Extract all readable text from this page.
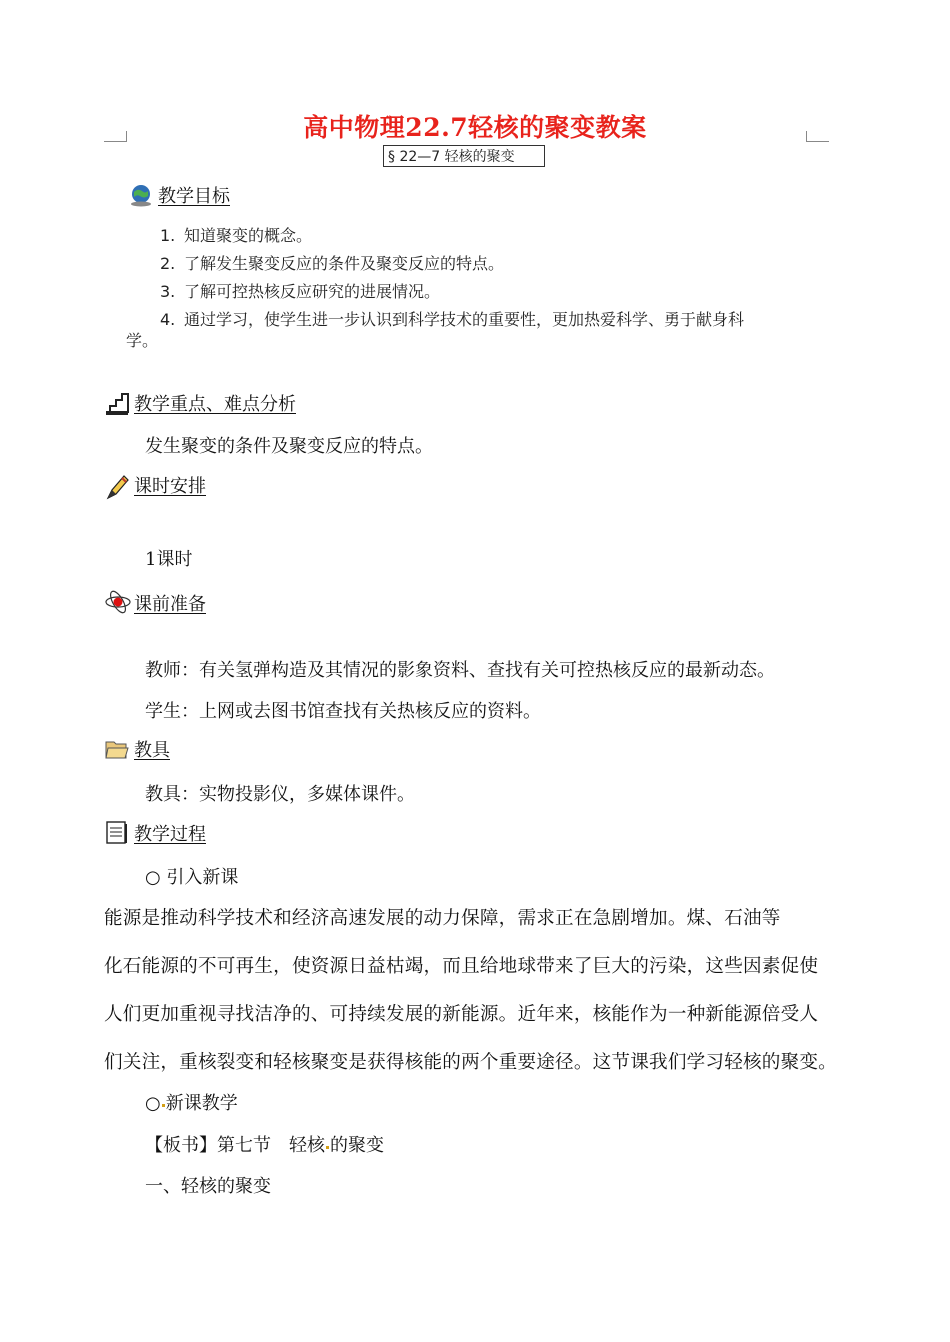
高中物理22.7轻核的聚变教案
§ 22—7 轻核的聚变
教学目标
1. 知道聚变的概念。
2. 了解发生聚变反应的条件及聚变反应的特点。
3. 了解可控热核反应研究的进展情况。
4. 通过学习，使学生进一步认识到科学技术的重要性，更加热爱科学、勇于献身科
学。
教学重点、难点分析
发生聚变的条件及聚变反应的特点。
课时安排
1课时
课前准备
教师：有关氢弹构造及其情况的影象资料、查找有关可控热核反应的最新动态。
学生：上网或去图书馆查找有关热核反应的资料。
教具
教具：实物投影仪，多媒体课件。
教学过程
○ 引入新课
能源是推动科学技术和经济高速发展的动力保障，需求正在急剧增加。煤、石油等
化石能源的不可再生，使资源日益枯竭，而且给地球带来了巨大的污染，这些因素促使
人们更加重视寻找洁净的、可持续发展的新能源。近年来，核能作为一种新能源倍受人
们关注，重核裂变和轻核聚变是获得核能的两个重要途径。这节课我们学习轻核的聚变。
○ 新课教学
【板书】第七节　轻核 的聚变
一、轻核的聚变
